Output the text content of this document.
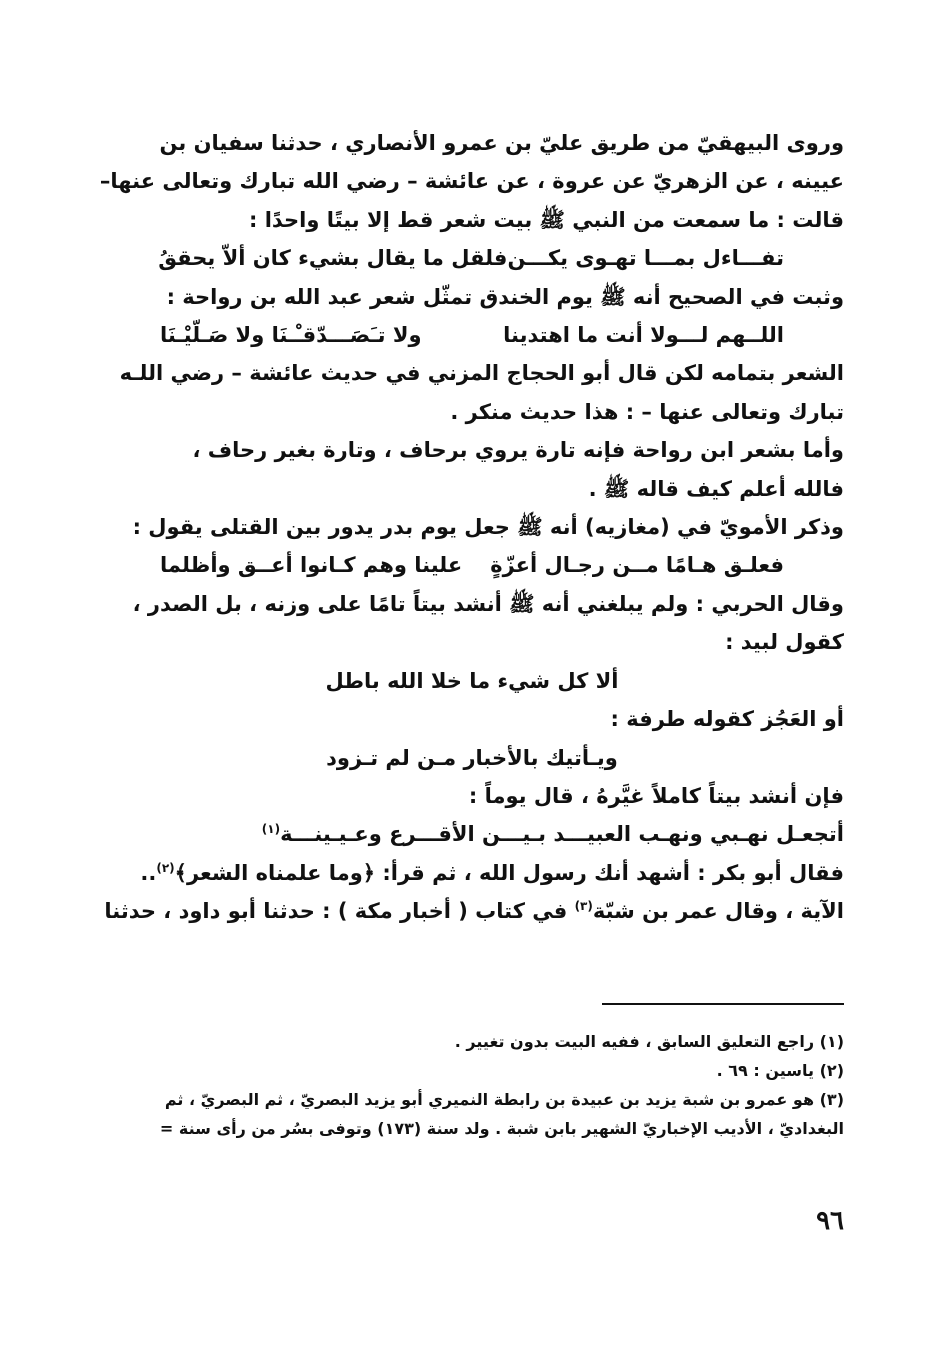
وروى البيهقيّ من طريق عليّ بن عمرو الأنصاري ، حدثنا سفيان بن

عيينه ، عن الزهريّ عن عروة ، عن عائشة – رضي الله تبارك وتعالى عنها–

قالت : ما سمعت من النبي ﷺ بيت شعر قط إلا بيتًا واحدًا :

تفـــاءل بمـــا تهـوى يكـــن
فلقل ما يقال بشيء كان ألاّ يحققُ

وثبت في الصحيح أنه ﷺ يوم الخندق تمثّل شعر عبد الله بن رواحة :

اللــهم لـــولا أنت ما اهتدينا
ولا تـَصَـــدّقـْـنَا ولا صَـلّيْـنَا

الشعر بتمامه لكن قال أبو الحجاج المزني في حديث عائشة – رضي اللـه

تبارك وتعالى عنها – : هذا حديث منكر .

وأما بشعر ابن رواحة فإنه تارة يروي برحاف ، وتارة بغير رحاف ،

فالله أعلم كيف قاله ﷺ .

وذكر الأمويّ في (مغازيه) أنه ﷺ جعل يوم بدر يدور بين القتلى يقول :

فعلـق هـامًا مــن رجـال أعزّةٍ
علينا وهم كـانوا أعــق وأظلما

وقال الحربي : ولم يبلغني أنه ﷺ أنشد بيتاً تامًا على وزنه ، بل الصدر ،

كقول لبيد :

ألا كل شيء ما خلا الله باطل

أو العَجُز كقوله طرفة :

ويـأتيك بالأخبار مـن لم تـزود

فإن أنشد بيتاً كاملاً غيَّرهُ ، قال يوماً :

أتجعـل نهـبي ونهـب العبيـــد بـيـــن الأقـــرع وعـيـينـــة$^{(١)}$

فقال أبو بكر : أشهد أنك رسول الله ، ثم قرأ: ﴿وما علمناه الشعر﴾$^{(٢)}$..

الآية ، وقال عمر بن شبّة$^{(٣)}$ في كتاب ( أخبار مكة ) : حدثنا أبو داود ، حدثنا

(١) راجع التعليق السابق ، ففيه البيت بدون تغيير .

(٢) ياسين : ٦٩ .

(٣) هو عمرو بن شبة يزيد بن عبيدة بن رابطة النميري أبو يزيد البصريّ ، ثم البصريّ ، ثم

البغداديّ ، الأديب الإخباريّ الشهير بابن شبة . ولد سنة (١٧٣) وتوفى بسُر من رأى سنة =

٩٦
